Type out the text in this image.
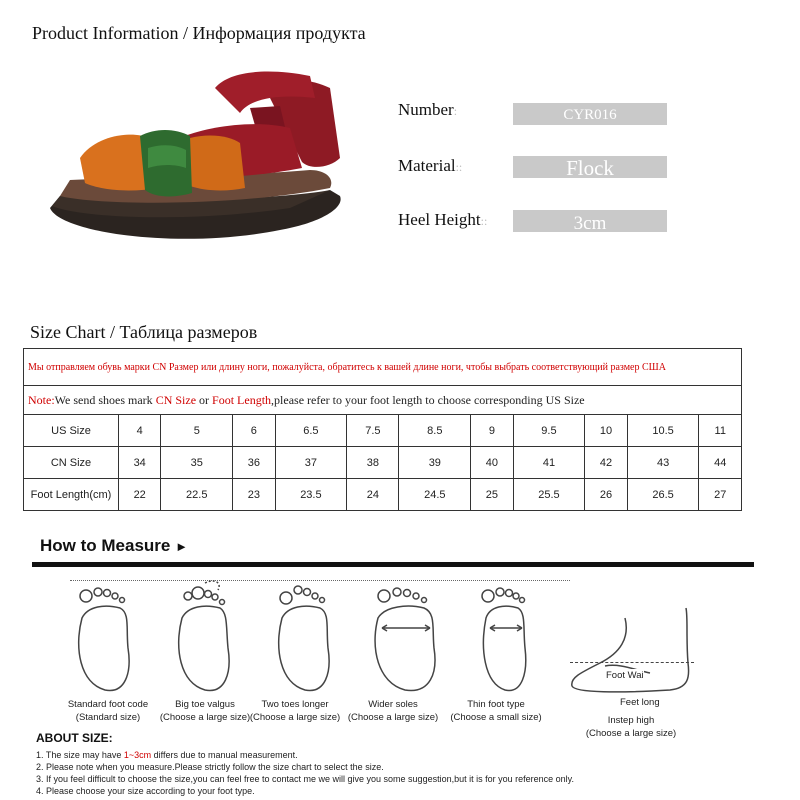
Product Information / Информация продукта
Number:	CYR016
Material::	Flock
Heel Height::	3cm
Size Chart / Таблица размеров
Мы отправляем обувь марки CN Размер или длину ноги, пожалуйста, обратитесь к вашей длине ноги, чтобы выбрать соответствующий размер США											
Note:We send shoes mark CN Size or Foot Length,please refer to your foot length to choose corresponding US Size											
US Size	4	5	6	6.5	7.5	8.5	9	9.5	10	10.5	11
CN Size	34	35	36	37	38	39	40	41	42	43	44
Foot Length(cm)	22	22.5	23	23.5	24	24.5	25	25.5	26	26.5	27
How to Measure ►
Foot Wai
Feet long
Standard foot code
(Standard size)
Big toe valgus
(Choose a large size)
Two toes longer
(Choose a large size)
Wider soles
(Choose a large size)
Thin foot type
(Choose a small size)	Instep high
(Choose a large size)
ABOUT SIZE:
1. The size may have 1~3cm differs due to manual measurement.
2. Please note when you measure.Please strictly follow the size chart to select the size.
3. If you feel difficult to choose the size,you can feel free to contact me we will give you some suggestion,but it is for you reference only.
4. Please choose your size according to your foot type.
